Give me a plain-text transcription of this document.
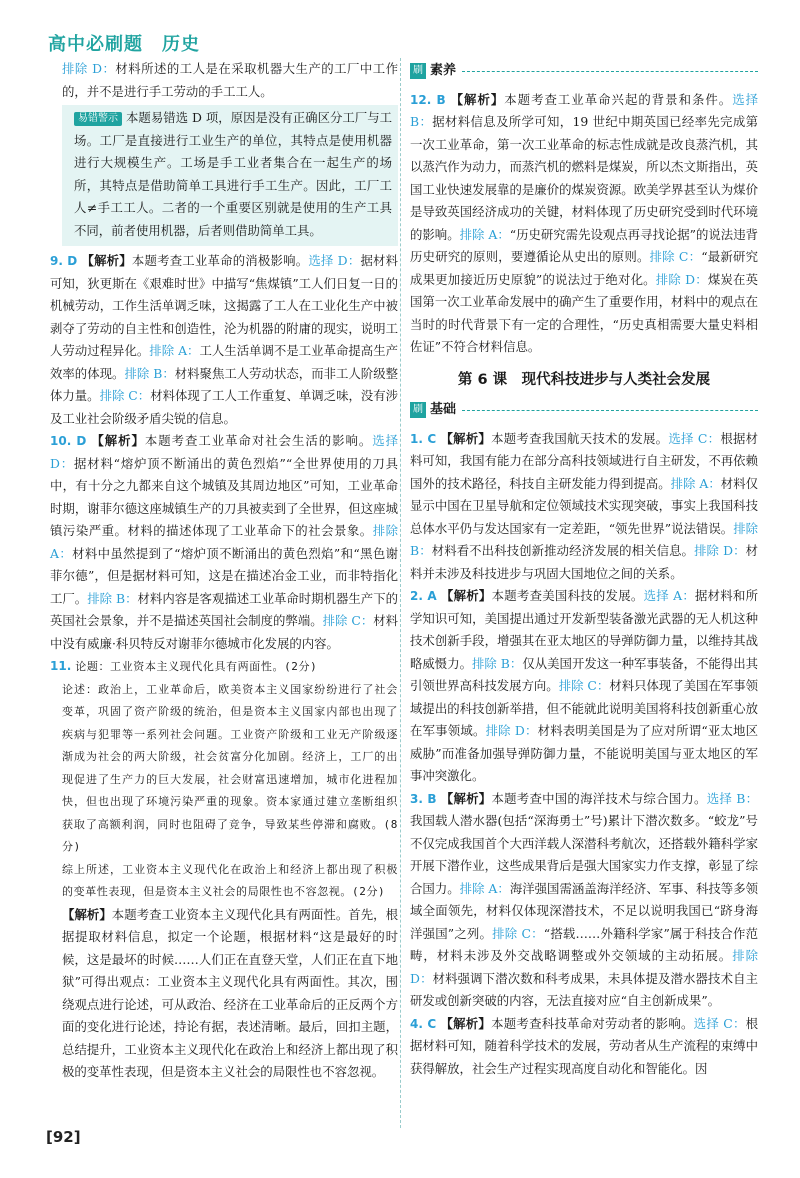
高中必刷题　历史

排除 D：材料所述的工人是在采取机器大生产的工厂中工作的，并不是进行手工劳动的手工工人。

易错警示 本题易错选 D 项，原因是没有正确区分工厂与工场。工厂是直接进行工业生产的单位，其特点是使用机器进行大规模生产。工场是手工业者集合在一起生产的场所，其特点是借助简单工具进行手工生产。因此，工厂工人≠手工工人。二者的一个重要区别就是使用的生产工具不同，前者使用机器，后者则借助简单工具。

9. D 【解析】本题考查工业革命的消极影响。选择 D：据材料可知，狄更斯在《艰难时世》中描写“焦煤镇”工人们日复一日的机械劳动，工作生活单调乏味，这揭露了工人在工业化生产中被剥夺了劳动的自主性和创造性，沦为机器的附庸的现实，说明工人劳动过程异化。排除 A：工人生活单调不是工业革命提高生产效率的体现。排除 B：材料聚焦工人劳动状态，而非工人阶级整体力量。排除 C：材料体现了工人工作重复、单调乏味，没有涉及工业社会阶级矛盾尖锐的信息。

10. D 【解析】本题考查工业革命对社会生活的影响。选择 D：据材料“熔炉顶不断涌出的黄色烈焰”“全世界使用的刀具中，有十分之九都来自这个城镇及其周边地区”可知，工业革命时期，谢菲尔德这座城镇生产的刀具被卖到了全世界，但这座城镇污染严重。材料的描述体现了工业革命下的社会景象。排除 A：材料中虽然提到了“熔炉顶不断涌出的黄色烈焰”和“黑色谢菲尔德”，但是据材料可知，这是在描述冶金工业，而非特指化工厂。排除 B：材料内容是客观描述工业革命时期机器生产下的英国社会景象，并不是描述英国社会制度的弊端。排除 C：材料中没有威廉·科贝特反对谢菲尔德城市化发展的内容。

11. 论题：工业资本主义现代化具有两面性。(2分)

论述：政治上，工业革命后，欧美资本主义国家纷纷进行了社会变革，巩固了资产阶级的统治，但是资本主义国家内部也出现了疾病与犯罪等一系列社会问题。工业资产阶级和工业无产阶级逐渐成为社会的两大阶级，社会贫富分化加剧。经济上，工厂的出现促进了生产力的巨大发展，社会财富迅速增加，城市化进程加快，但也出现了环境污染严重的现象。资本家通过建立垄断组织获取了高额利润，同时也阻碍了竞争，导致某些停滞和腐败。(8分)

综上所述，工业资本主义现代化在政治上和经济上都出现了积极的变革性表现，但是资本主义社会的局限性也不容忽视。(2分)

【解析】本题考查工业资本主义现代化具有两面性。首先，根据提取材料信息，拟定一个论题，根据材料“这是最好的时候，这是最坏的时候……人们正在直登天堂，人们正在直下地狱”可得出观点：工业资本主义现代化具有两面性。其次，围绕观点进行论述，可从政治、经济在工业革命后的正反两个方面的变化进行论述，持论有据，表述清晰。最后，回扣主题，总结提升，工业资本主义现代化在政治上和经济上都出现了积极的变革性表现，但是资本主义社会的局限性也不容忽视。

刷 素养

12. B 【解析】本题考查工业革命兴起的背景和条件。选择 B：据材料信息及所学可知，19 世纪中期英国已经率先完成第一次工业革命，第一次工业革命的标志性成就是改良蒸汽机，其以蒸汽作为动力，而蒸汽机的燃料是煤炭，所以杰文斯指出，英国工业快速发展靠的是廉价的煤炭资源。欧美学界甚至认为煤价是导致英国经济成功的关键，材料体现了历史研究受到时代环境的影响。排除 A：“历史研究需先设观点再寻找论据”的说法违背历史研究的原则，要遵循论从史出的原则。排除 C：“最新研究成果更加接近历史原貌”的说法过于绝对化。排除 D：煤炭在英国第一次工业革命发展中的确产生了重要作用，材料中的观点在当时的时代背景下有一定的合理性，“历史真相需要大量史料相佐证”不符合材料信息。

第 6 课　现代科技进步与人类社会发展
刷 基础

1. C 【解析】本题考查我国航天技术的发展。选择 C：根据材料可知，我国有能力在部分高科技领域进行自主研发，不再依赖国外的技术路径，科技自主研发能力得到提高。排除 A：材料仅显示中国在卫星导航和定位领域技术实现突破，事实上我国科技总体水平仍与发达国家有一定差距，“领先世界”说法错误。排除 B：材料看不出科技创新推动经济发展的相关信息。排除 D：材料并未涉及科技进步与巩固大国地位之间的关系。

2. A 【解析】本题考查美国科技的发展。选择 A：据材料和所学知识可知，美国提出通过开发新型装备激光武器的无人机这种技术创新手段，增强其在亚太地区的导弹防御力量，以维持其战略威慑力。排除 B：仅从美国开发这一种军事装备，不能得出其引领世界高科技发展方向。排除 C：材料只体现了美国在军事领域提出的科技创新举措，但不能就此说明美国将科技创新重心放在军事领域。排除 D：材料表明美国是为了应对所谓“亚太地区威胁”而准备加强导弹防御力量，不能说明美国与亚太地区的军事冲突激化。

3. B 【解析】本题考查中国的海洋技术与综合国力。选择 B：我国载人潜水器(包括“深海勇士”号)累计下潜次数多。“蛟龙”号不仅完成我国首个大西洋载人深潜科考航次，还搭载外籍科学家开展下潜作业，这些成果背后是强大国家实力作支撑，彰显了综合国力。排除 A：海洋强国需涵盖海洋经济、军事、科技等多领域全面领先，材料仅体现深潜技术，不足以说明我国已“跻身海洋强国”之列。排除 C：“搭载……外籍科学家”属于科技合作范畴，材料未涉及外交战略调整或外交领域的主动拓展。排除 D：材料强调下潜次数和科考成果，未具体提及潜水器技术自主研发或创新突破的内容，无法直接对应“自主创新成果”。

4. C 【解析】本题考查科技革命对劳动者的影响。选择 C：根据材料可知，随着科学技术的发展，劳动者从生产流程的束缚中获得解放，社会生产过程实现高度自动化和智能化。因

[92]
